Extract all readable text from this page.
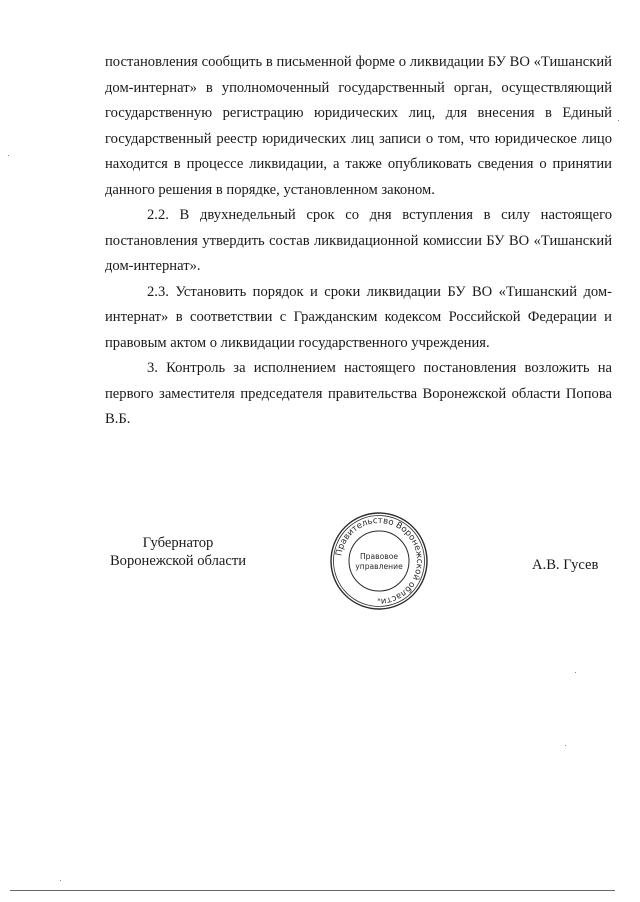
постановления сообщить в письменной форме о ликвидации БУ ВО «Тишанский дом-интернат» в уполномоченный государственный орган, осуществляющий государственную регистрацию юридических лиц, для внесения в Единый государственный реестр юридических лиц записи о том, что юридическое лицо находится в процессе ликвидации, а также опубликовать сведения о принятии данного решения в порядке, установленном законом.

2.2. В двухнедельный срок со дня вступления в силу настоящего постановления утвердить состав ликвидационной комиссии БУ ВО «Тишанский дом-интернат».

2.3. Установить порядок и сроки ликвидации БУ ВО «Тишанский дом-интернат» в соответствии с Гражданским кодексом Российской Федерации и правовым актом о ликвидации государственного учреждения.

3. Контроль за исполнением настоящего постановления возложить на первого заместителя председателя правительства Воронежской области Попова В.Б.

Губернатор
Воронежской области	А.В. Гусев
Правительство Воронежской области
Правовое
управление
*
